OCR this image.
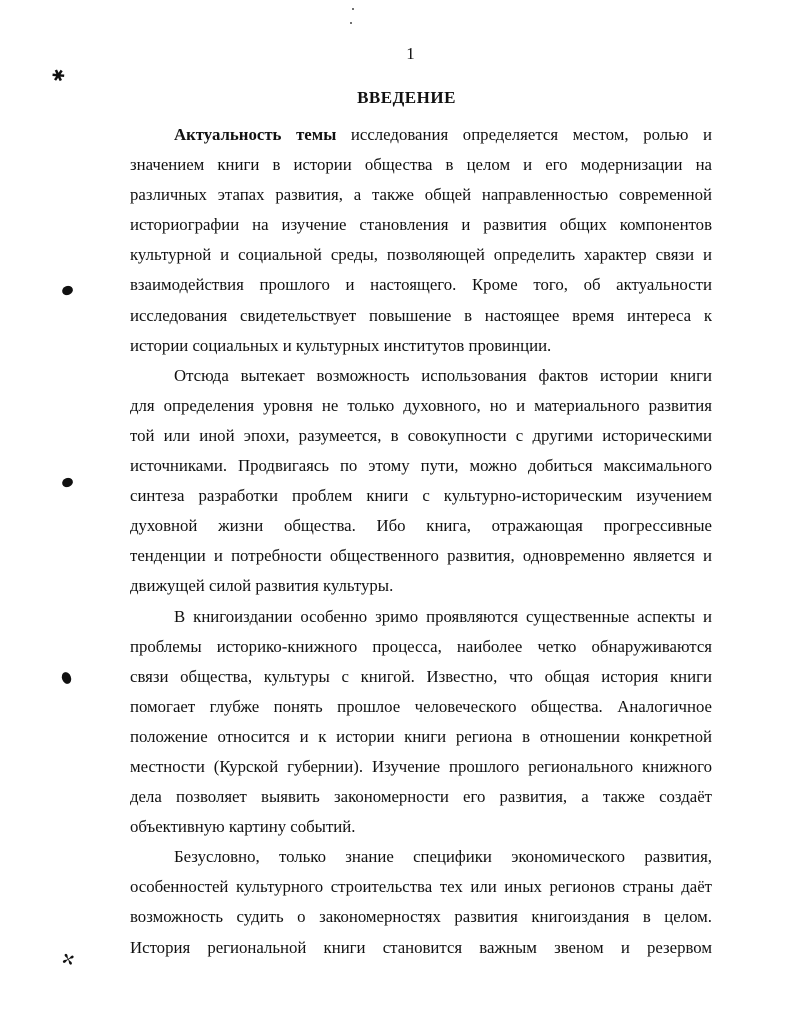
✱
✢
1
ВВЕДЕНИЕ
Актуальность темы исследования определяется местом, ролью и
значением книги в истории общества в целом и его модернизации на
различных этапах развития, а также общей направленностью современной
историографии на изучение становления и развития общих компонентов
культурной и социальной среды, позволяющей определить характер связи и
взаимодействия прошлого и настоящего. Кроме того, об актуальности
исследования свидетельствует повышение в настоящее время интереса к
истории социальных и культурных институтов провинции.
Отсюда вытекает возможность использования фактов истории книги
для определения уровня не только духовного, но и материального развития
той или иной эпохи, разумеется, в совокупности с другими историческими
источниками. Продвигаясь по этому пути, можно добиться максимального
синтеза разработки проблем книги с культурно-историческим изучением
духовной жизни общества. Ибо книга, отражающая прогрессивные
тенденции и потребности общественного развития, одновременно является и
движущей силой развития культуры.
В книгоиздании особенно зримо проявляются существенные аспекты и
проблемы историко-книжного процесса, наиболее четко обнаруживаются
связи общества, культуры с книгой. Известно, что общая история книги
помогает глубже понять прошлое человеческого общества. Аналогичное
положение относится и к истории книги региона в отношении конкретной
местности (Курской губернии). Изучение прошлого регионального книжного
дела позволяет выявить закономерности его развития, а также создаёт
объективную картину событий.
Безусловно, только знание специфики экономического развития,
особенностей культурного строительства тех или иных регионов страны даёт
возможность судить о закономерностях развития книгоиздания в целом.
История региональной книги становится важным звеном и резервом
